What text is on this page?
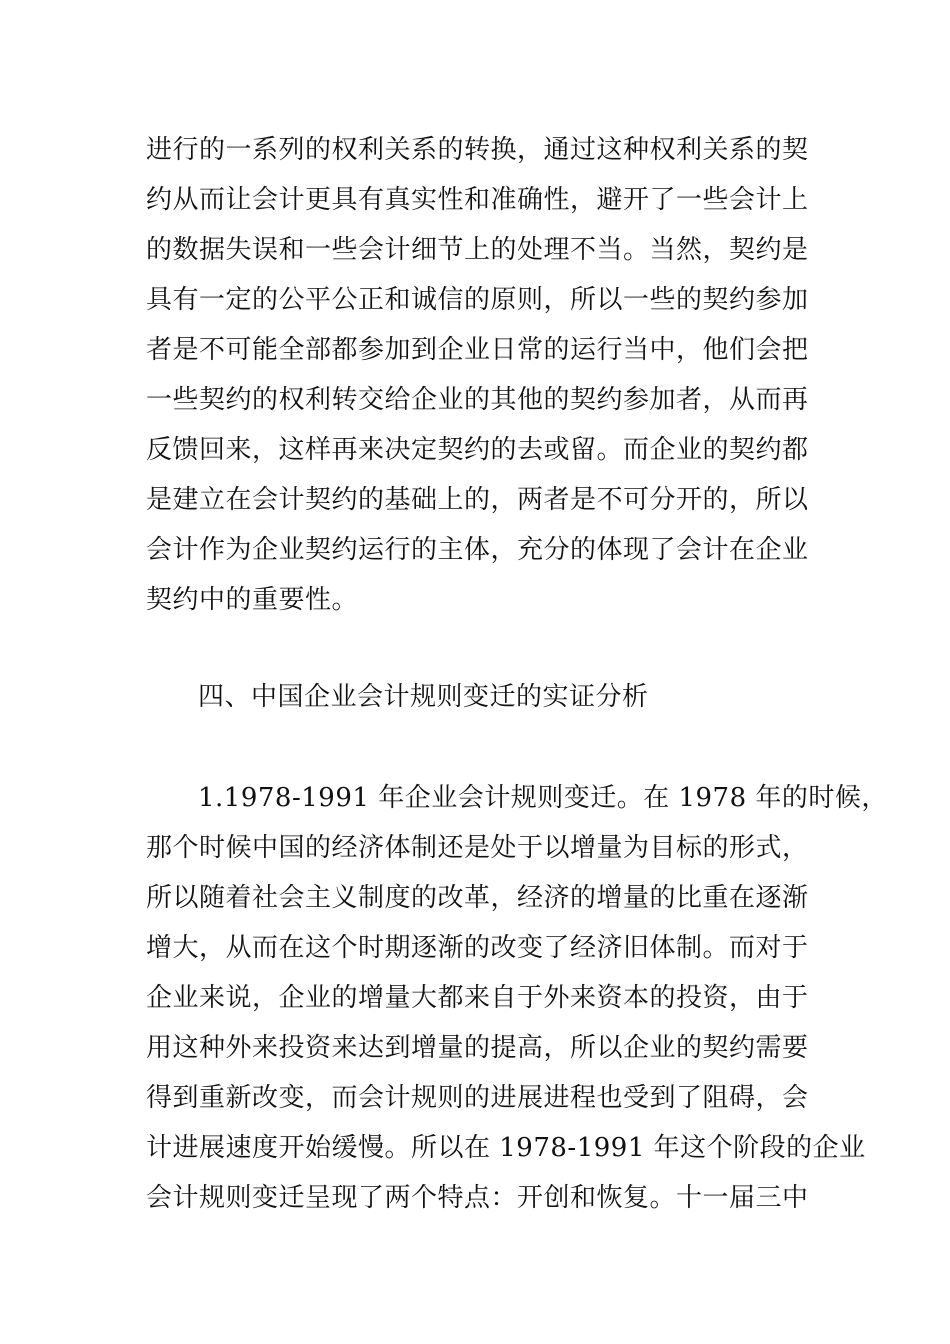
进行的一系列的权利关系的转换，通过这种权利关系的契
约从而让会计更具有真实性和准确性，避开了一些会计上
的数据失误和一些会计细节上的处理不当。当然，契约是
具有一定的公平公正和诚信的原则，所以一些的契约参加
者是不可能全部都参加到企业日常的运行当中，他们会把
一些契约的权利转交给企业的其他的契约参加者，从而再
反馈回来，这样再来决定契约的去或留。而企业的契约都
是建立在会计契约的基础上的，两者是不可分开的，所以
会计作为企业契约运行的主体，充分的体现了会计在企业
契约中的重要性。
四、中国企业会计规则变迁的实证分析
1.1978-1991 年企业会计规则变迁。在 1978 年的时候，
那个时候中国的经济体制还是处于以增量为目标的形式，
所以随着社会主义制度的改革，经济的增量的比重在逐渐
增大，从而在这个时期逐渐的改变了经济旧体制。而对于
企业来说，企业的增量大都来自于外来资本的投资，由于
用这种外来投资来达到增量的提高，所以企业的契约需要
得到重新改变，而会计规则的进展进程也受到了阻碍，会
计进展速度开始缓慢。所以在 1978-1991 年这个阶段的企业
会计规则变迁呈现了两个特点：开创和恢复。十一届三中
